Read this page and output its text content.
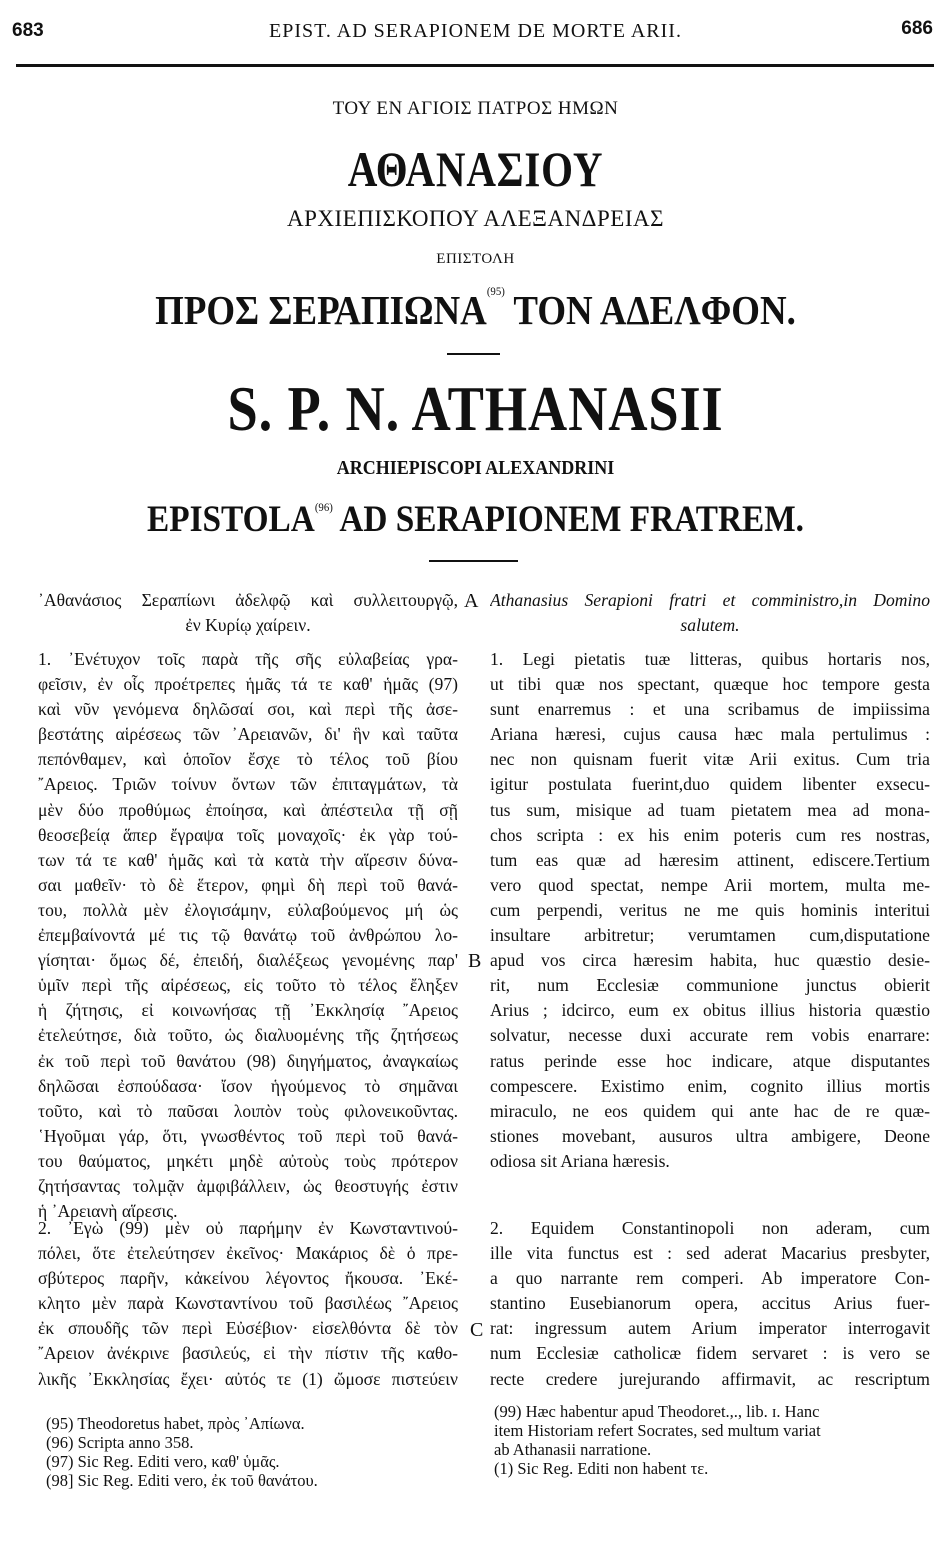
683	EPIST. AD SERAPIONEM DE MORTE ARII.	686
ΤΟΥ ΕΝ ΑΓΙΟΙΣ ΠΑΤΡΟΣ ΗΜΩΝ
ΑΘΑΝΑΣΙΟΥ
ΑΡΧΙΕΠΙΣΚΟΠΟΥ ΑΛΕΞΑΝΔΡΕΙΑΣ
ΕΠΙΣΤΟΛΗ
ΠΡΟΣ ΣΕΡΑΠΙΩΝΑ$^{(95)}$ ΤΟΝ ΑΔΕΛΦΟΝ.
S. P. N. ATHANASII
ARCHIEPISCOPI ALEXANDRINI
EPISTOLA$^{(96)}$ AD SERAPIONEM FRATREM.
A
B
C
᾿Αθανάσιος Σεραπίωνι ἀδελφῷ καὶ συλλειτουργῷ,
ἐν Κυρίῳ χαίρειν.
1. ᾿Ενέτυχον τοῖς παρὰ τῆς σῆς εὐλαβείας γρα-
φεῖσιν, ἐν οἷς προέτρεπες ἡμᾶς τά τε καθ' ἡμᾶς (97)
καὶ νῦν γενόμενα δηλῶσαί σοι, καὶ περὶ τῆς ἀσε-
βεστάτης αἱρέσεως τῶν ᾿Αρειανῶν, δι' ἣν καὶ ταῦτα
πεπόνθαμεν, καὶ ὁποῖον ἔσχε τὸ τέλος τοῦ βίου
῎Αρειος. Τριῶν τοίνυν ὄντων τῶν ἐπιταγμάτων, τὰ
μὲν δύο προθύμως ἐποίησα, καὶ ἀπέστειλα τῇ σῇ
θεοσεβείᾳ ἅπερ ἔγραψα τοῖς μοναχοῖς· ἐκ γὰρ τού-
των τά τε καθ' ἡμᾶς καὶ τὰ κατὰ τὴν αἵρεσιν δύνα-
σαι μαθεῖν· τὸ δὲ ἕτερον, φημὶ δὴ περὶ τοῦ θανά-
του, πολλὰ μὲν ἐλογισάμην, εὐλαβούμενος μή ὡς
ἐπεμβαίνοντά μέ τις τῷ θανάτῳ τοῦ ἀνθρώπου λο-
γίσηται· ὅμως δέ, ἐπειδή, διαλέξεως γενομένης παρ'
ὑμῖν περὶ τῆς αἱρέσεως, εἰς τοῦτο τὸ τέλος ἔληξεν
ἡ ζήτησις, εἰ κοινωνήσας τῇ ᾿Εκκλησίᾳ ῎Αρειος
ἐτελεύτησε, διὰ τοῦτο, ὡς διαλυομένης τῆς ζητήσεως
ἐκ τοῦ περὶ τοῦ θανάτου (98) διηγήματος, ἀναγκαίως
δηλῶσαι ἐσπούδασα· ἴσον ἡγούμενος τὸ σημᾶναι
τοῦτο, καὶ τὸ παῦσαι λοιπὸν τοὺς φιλονεικοῦντας.
῾Ηγοῦμαι γάρ, ὅτι, γνωσθέντος τοῦ περὶ τοῦ θανά-
του θαύματος, μηκέτι μηδὲ αὐτοὺς τοὺς πρότερον
ζητήσαντας τολμᾷν ἀμφιβάλλειν, ὡς θεοστυγής ἐστιν
ἡ ᾿Αρειανὴ αἵρεσις.
2. ᾿Εγὼ (99) μὲν οὐ παρήμην ἐν Κωνσταντινού-
πόλει, ὅτε ἐτελεύτησεν ἐκεῖνος· Μακάριος δὲ ὁ πρε-
σβύτερος παρῆν, κἀκείνου λέγοντος ἤκουσα. ᾿Εκέ-
κλητο μὲν παρὰ Κωνσταντίνου τοῦ βασιλέως ῎Αρειος
ἐκ σπουδῆς τῶν περὶ Εὐσέβιον· εἰσελθόντα δὲ τὸν
῎Αρειον ἀνέκρινε βασιλεύς, εἰ τὴν πίστιν τῆς καθο-
λικῆς ᾿Εκκλησίας ἔχει· αὐτός τε (1) ὤμοσε πιστεύειν
Athanasius Serapioni fratri et comministro,in Domino
salutem.
1. Legi pietatis tuæ litteras, quibus hortaris nos,
ut tibi quæ nos spectant, quæque hoc tempore gesta
sunt enarremus : et una scribamus de impiissima
Ariana hæresi, cujus causa hæc mala pertulimus :
nec non quisnam fuerit vitæ Arii exitus. Cum tria
igitur postulata fuerint,duo quidem libenter exsecu-
tus sum, misique ad tuam pietatem mea ad mona-
chos scripta : ex his enim poteris cum res nostras,
tum eas quæ ad hæresim attinent, ediscere.Tertium
vero quod spectat, nempe Arii mortem, multa me-
cum perpendi, veritus ne me quis hominis interitui
insultare arbitretur; verumtamen cum,disputatione
apud vos circa hæresim habita, huc quæstio desie-
rit, num Ecclesiæ communione junctus obierit
Arius ; idcirco, eum ex obitus illius historia quæstio
solvatur, necesse duxi accurate rem vobis enarrare:
ratus perinde esse hoc indicare, atque disputantes
compescere. Existimo enim, cognito illius mortis
miraculo, ne eos quidem qui ante hac de re quæ-
stiones movebant, ausuros ultra ambigere, Deone
odiosa sit Ariana hæresis.
2. Equidem Constantinopoli non aderam, cum
ille vita functus est : sed aderat Macarius presbyter,
a quo narrante rem comperi. Ab imperatore Con-
stantino Eusebianorum opera, accitus Arius fuer-
rat: ingressum autem Arium imperator interrogavit
num Ecclesiæ catholicæ fidem servaret : is vero se
recte credere jurejurando affirmavit, ac rescriptum
(95) Theodoretus habet, πρὸς ᾿Απίωνα.
(96) Scripta anno 358.
(97) Sic Reg. Editi vero, καθ' ὑμᾶς.
(98] Sic Reg. Editi vero, ἐκ τοῦ θανάτου.
(99) Hæc habentur apud Theodoret.,., lib. ɪ. Hanc
item Historiam refert Socrates, sed multum variat
ab Athanasii narratione.
(1) Sic Reg. Editi non habent τε.
